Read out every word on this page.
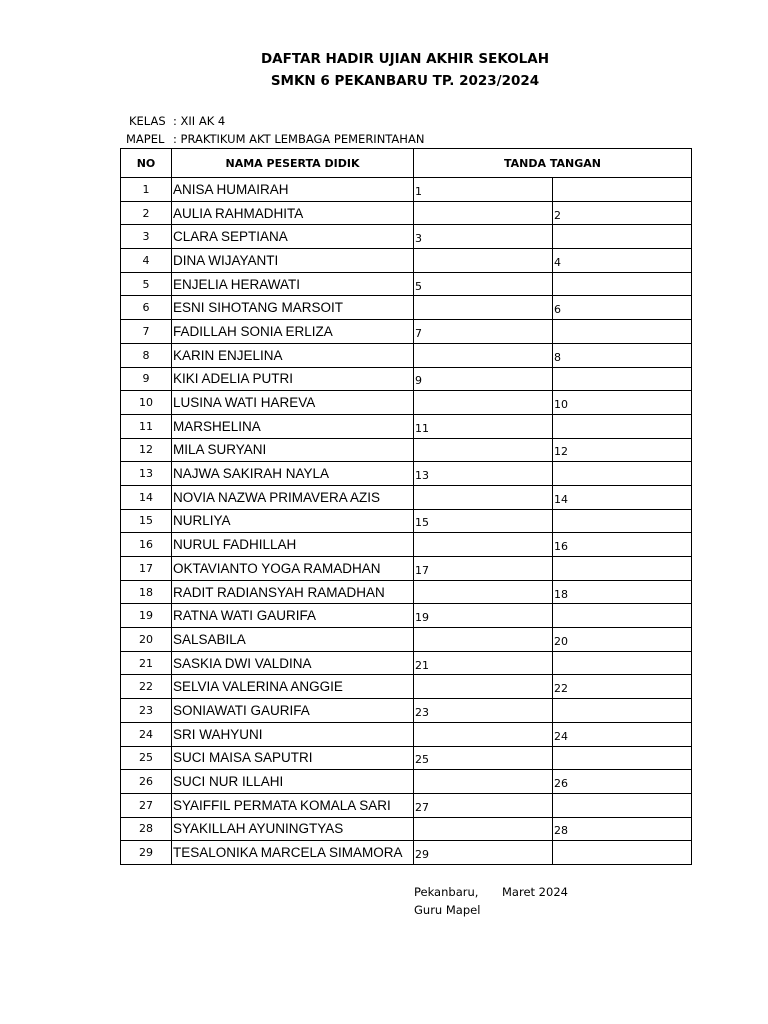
DAFTAR HADIR UJIAN AKHIR SEKOLAH
SMKN 6 PEKANBARU TP. 2023/2024
KELAS : XII AK 4
MAPEL : PRAKTIKUM AKT LEMBAGA PEMERINTAHAN
NO	NAMA PESERTA DIDIK	TANDA TANGAN	
1	ANISA HUMAIRAH	1	
2	AULIA RAHMADHITA		2
3	CLARA SEPTIANA	3	
4	DINA WIJAYANTI		4
5	ENJELIA HERAWATI	5	
6	ESNI SIHOTANG MARSOIT		6
7	FADILLAH SONIA ERLIZA	7	
8	KARIN ENJELINA		8
9	KIKI ADELIA PUTRI	9	
10	LUSINA WATI HAREVA		10
11	MARSHELINA	11	
12	MILA SURYANI		12
13	NAJWA SAKIRAH NAYLA	13	
14	NOVIA NAZWA PRIMAVERA AZIS		14
15	NURLIYA	15	
16	NURUL FADHILLAH		16
17	OKTAVIANTO YOGA RAMADHAN	17	
18	RADIT RADIANSYAH RAMADHAN		18
19	RATNA WATI GAURIFA	19	
20	SALSABILA		20
21	SASKIA DWI VALDINA	21	
22	SELVIA VALERINA ANGGIE		22
23	SONIAWATI GAURIFA	23	
24	SRI WAHYUNI		24
25	SUCI MAISA SAPUTRI	25	
26	SUCI NUR ILLAHI		26
27	SYAIFFIL PERMATA KOMALA SARI	27	
28	SYAKILLAH AYUNINGTYAS		28
29	TESALONIKA MARCELA SIMAMORA	29	
Pekanbaru, Maret 2024
Guru Mapel
